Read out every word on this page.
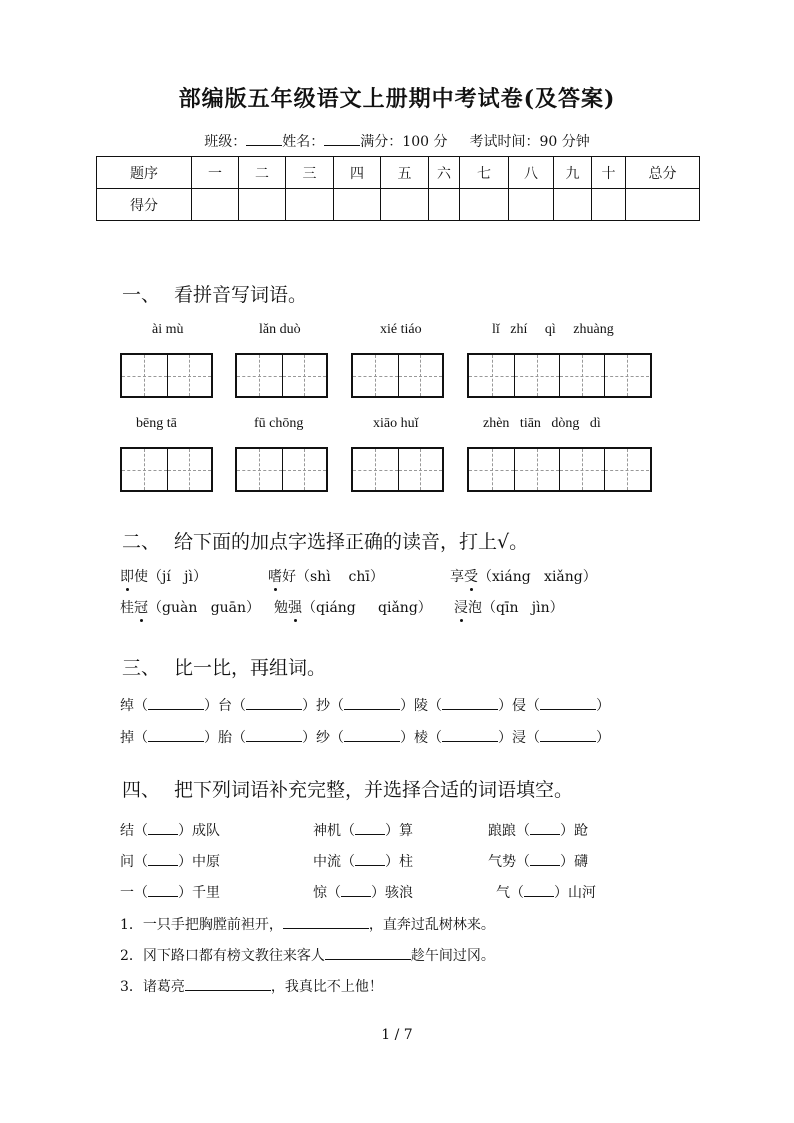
部编版五年级语文上册期中考试卷(及答案)
班级：	姓名：	满分：100 分 考试时间：90 分钟
题序	一	二	三	四	五	六	七	八	九	十	总分
得分											
一、 看拼音写词语。
ài mù	lǎn duò	xié tiáo	lǐ   zhí     qì     zhuàng
bēng tā	fū chōng	xiāo huǐ	zhèn   tiān   dòng   dì
二、 给下面的加点字选择正确的读音，打上√。
即使（jí   jì）	嗜好（shì    chī）	享受（xiáng   xiǎng）
桂冠（guàn   guān） 勉强（qiáng     qiǎng） 浸泡（qīn   jìn）
三、 比一比，再组词。
绰（	）台（	）抄（	）陵（	）侵（	）
掉（	）胎（	）纱（	）棱（	）浸（	）
四、 把下列词语补充完整，并选择合适的词语填空。
结（ ）成队	神机（ ）算	踉踉（ ）跄
问（ ）中原	中流（ ）柱	气势（ ）礴
一（ ）千里	惊（ ）骇浪	气（ ）山河
1．一只手把胸膛前袒开，	，直奔过乱树林来。
2．冈下路口都有榜文教往来客人	趁午间过冈。
3．诸葛亮	，我真比不上他！
1 / 7
